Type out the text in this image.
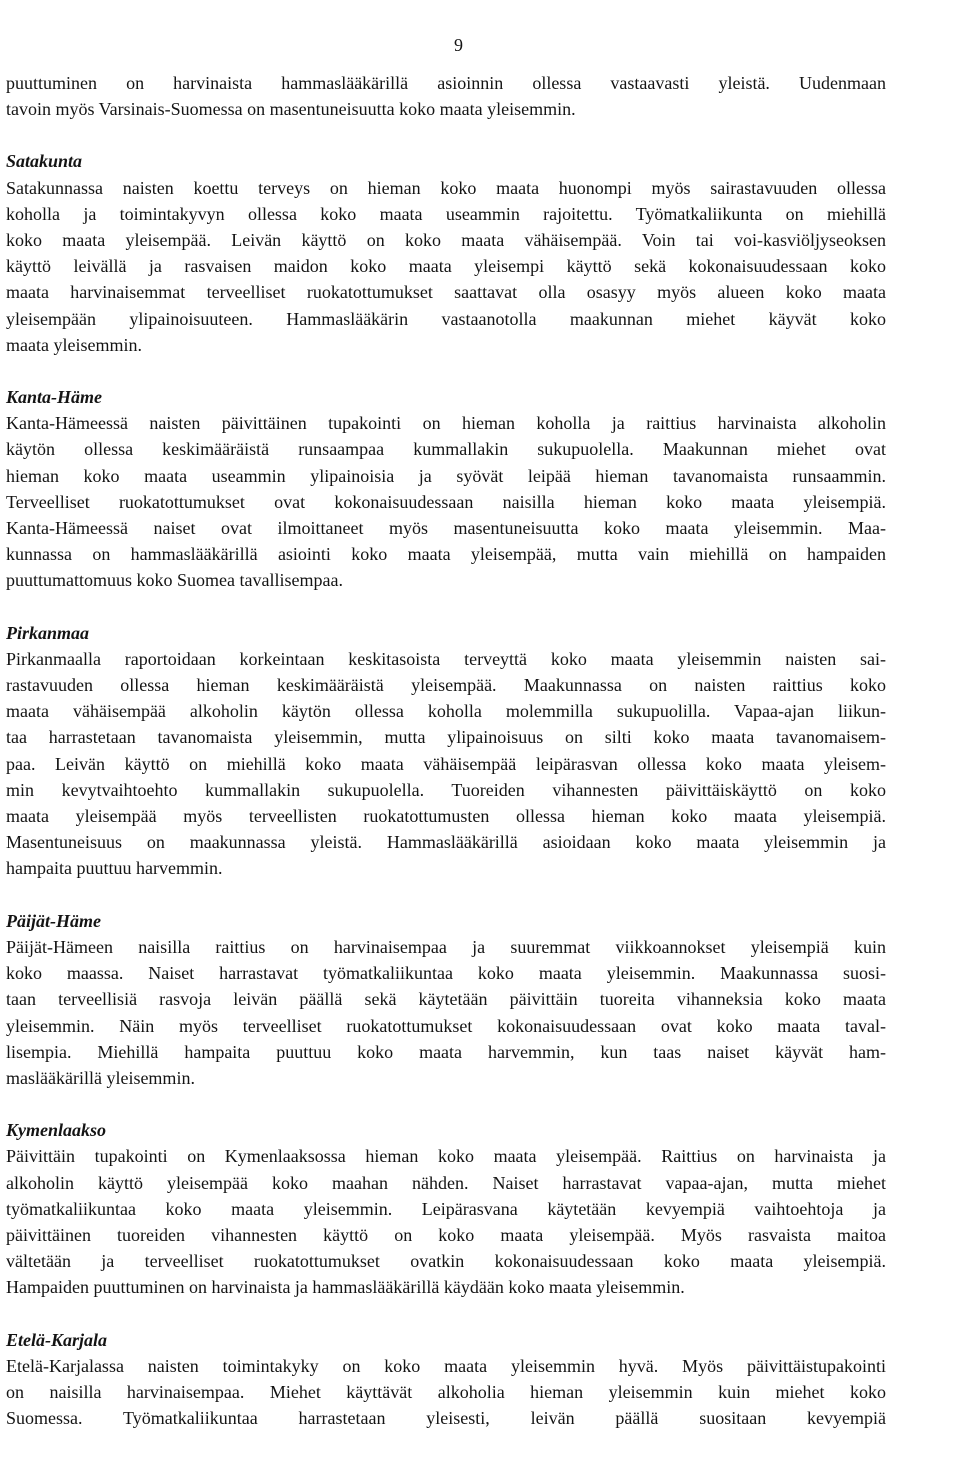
9

puuttuminen on harvinaista hammaslääkärillä asioinnin ollessa vastaavasti yleistä. Uudenmaan
tavoin myös Varsinais-Suomessa on masentuneisuutta koko maata yleisemmin.

Satakunta

Satakunnassa naisten koettu terveys on hieman koko maata huonompi myös sairastavuuden ollessa
koholla ja toimintakyvyn ollessa koko maata useammin rajoitettu. Työmatkaliikunta on miehillä
koko maata yleisempää. Leivän käyttö on koko maata vähäisempää. Voin tai voi-kasviöljyseoksen
käyttö leivällä ja rasvaisen maidon koko maata yleisempi käyttö sekä kokonaisuudessaan koko
maata harvinaisemmat terveelliset ruokatottumukset saattavat olla osasyy myös alueen koko maata
yleisempään ylipainoisuuteen. Hammaslääkärin vastaanotolla maakunnan miehet käyvät koko
maata yleisemmin.

Kanta-Häme

Kanta-Hämeessä naisten päivittäinen tupakointi on hieman koholla ja raittius harvinaista alkoholin
käytön ollessa keskimääräistä runsaampaa kummallakin sukupuolella. Maakunnan miehet ovat
hieman koko maata useammin ylipainoisia ja syövät leipää hieman tavanomaista runsaammin.
Terveelliset ruokatottumukset ovat kokonaisuudessaan naisilla hieman koko maata yleisempiä.
Kanta-Hämeessä naiset ovat ilmoittaneet myös masentuneisuutta koko maata yleisemmin. Maa-
kunnassa on hammaslääkärillä asiointi koko maata yleisempää, mutta vain miehillä on hampaiden
puuttumattomuus koko Suomea tavallisempaa.

Pirkanmaa

Pirkanmaalla raportoidaan korkeintaan keskitasoista terveyttä koko maata yleisemmin naisten sai-
rastavuuden ollessa hieman keskimääräistä yleisempää. Maakunnassa on naisten raittius koko
maata vähäisempää alkoholin käytön ollessa koholla molemmilla sukupuolilla. Vapaa-ajan liikun-
taa harrastetaan tavanomaista yleisemmin, mutta ylipainoisuus on silti koko maata tavanomaisem-
paa. Leivän käyttö on miehillä koko maata vähäisempää leipärasvan ollessa koko maata yleisem-
min kevytvaihtoehto kummallakin sukupuolella. Tuoreiden vihannesten päivittäiskäyttö on koko
maata yleisempää myös terveellisten ruokatottumusten ollessa hieman koko maata yleisempiä.
Masentuneisuus on maakunnassa yleistä. Hammaslääkärillä asioidaan koko maata yleisemmin ja
hampaita puuttuu harvemmin.

Päijät-Häme

Päijät-Hämeen naisilla raittius on harvinaisempaa ja suuremmat viikkoannokset yleisempiä kuin
koko maassa. Naiset harrastavat työmatkaliikuntaa koko maata yleisemmin. Maakunnassa suosi-
taan terveellisiä rasvoja leivän päällä sekä käytetään päivittäin tuoreita vihanneksia koko maata
yleisemmin. Näin myös terveelliset ruokatottumukset kokonaisuudessaan ovat koko maata taval-
lisempia. Miehillä hampaita puuttuu koko maata harvemmin, kun taas naiset käyvät ham-
maslääkärillä yleisemmin.

Kymenlaakso

Päivittäin tupakointi on Kymenlaaksossa hieman koko maata yleisempää. Raittius on harvinaista ja
alkoholin käyttö yleisempää koko maahan nähden. Naiset harrastavat vapaa-ajan, mutta miehet
työmatkaliikuntaa koko maata yleisemmin. Leipärasvana käytetään kevyempiä vaihtoehtoja ja
päivittäinen tuoreiden vihannesten käyttö on koko maata yleisempää. Myös rasvaista maitoa
vältetään ja terveelliset ruokatottumukset ovatkin kokonaisuudessaan koko maata yleisempiä.
Hampaiden puuttuminen on harvinaista ja hammaslääkärillä käydään koko maata yleisemmin.

Etelä-Karjala

Etelä-Karjalassa naisten toimintakyky on koko maata yleisemmin hyvä. Myös päivittäistupakointi
on naisilla harvinaisempaa. Miehet käyttävät alkoholia hieman yleisemmin kuin miehet koko
Suomessa. Työmatkaliikuntaa harrastetaan yleisesti, leivän päällä suositaan kevyempiä
